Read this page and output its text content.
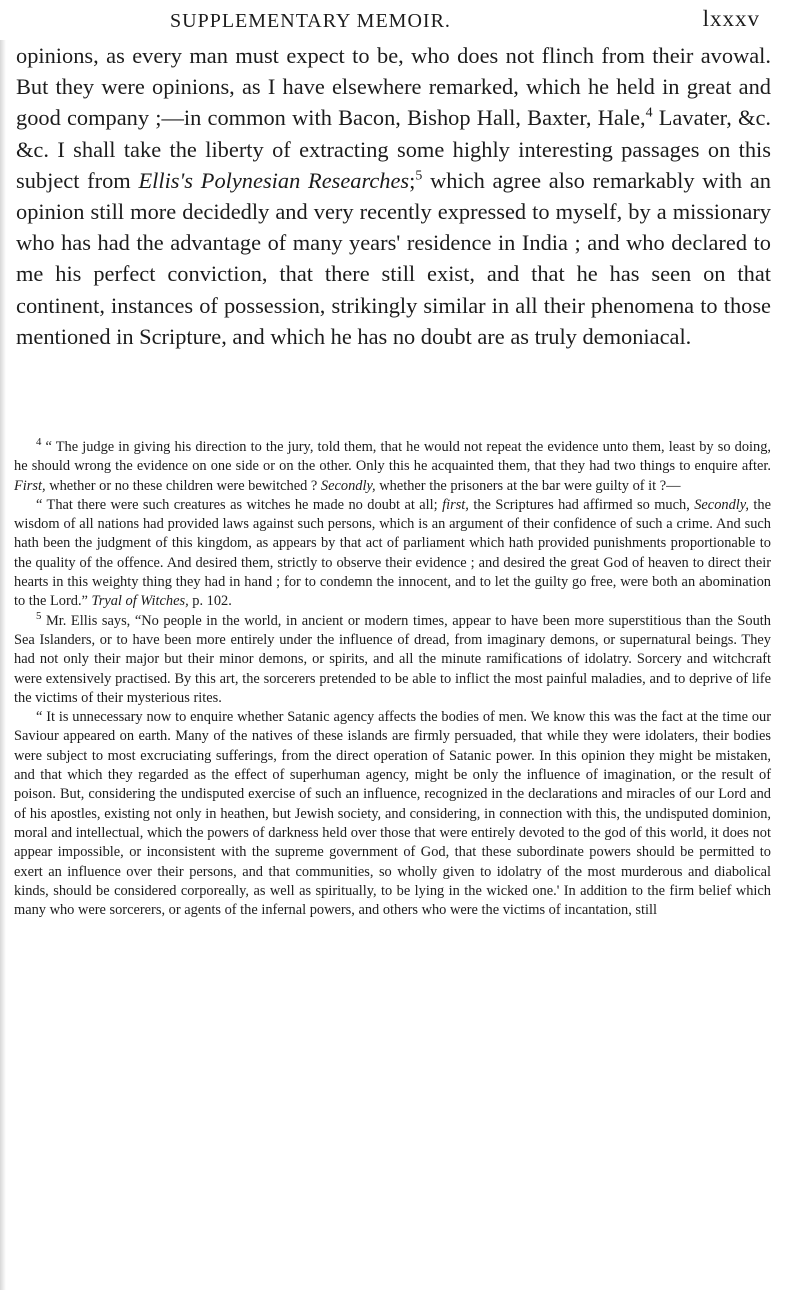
SUPPLEMENTARY MEMOIR.	lxxxv

opinions, as every man must expect to be, who does not flinch from their avowal. But they were opinions, as I have elsewhere remarked, which he held in great and good company ;—in common with Bacon, Bishop Hall, Baxter, Hale,$^4$ Lavater, &c. &c. I shall take the liberty of extracting some highly interesting passages on this subject from Ellis's Polynesian Researches;$^5$ which agree also remarkably with an opinion still more decidedly and very recently expressed to myself, by a missionary who has had the advantage of many years' residence in India ; and who declared to me his perfect conviction, that there still exist, and that he has seen on that continent, instances of possession, strikingly similar in all their phenomena to those mentioned in Scripture, and which he has no doubt are as truly demoniacal.

$^4$ “ The judge in giving his direction to the jury, told them, that he would not repeat the evidence unto them, least by so doing, he should wrong the evidence on one side or on the other. Only this he acquainted them, that they had two things to enquire after. First, whether or no these children were bewitched ? Secondly, whether the prisoners at the bar were guilty of it ?—

“ That there were such creatures as witches he made no doubt at all; first, the Scriptures had affirmed so much, Secondly, the wisdom of all nations had provided laws against such persons, which is an argument of their confidence of such a crime. And such hath been the judgment of this kingdom, as appears by that act of parliament which hath provided punishments proportionable to the quality of the offence. And desired them, strictly to observe their evidence ; and desired the great God of heaven to direct their hearts in this weighty thing they had in hand ; for to condemn the innocent, and to let the guilty go free, were both an abomination to the Lord.” Tryal of Witches, p. 102.

$^5$ Mr. Ellis says, “No people in the world, in ancient or modern times, appear to have been more superstitious than the South Sea Islanders, or to have been more entirely under the influence of dread, from imaginary demons, or supernatural beings. They had not only their major but their minor demons, or spirits, and all the minute ramifications of idolatry. Sorcery and witchcraft were extensively practised. By this art, the sorcerers pretended to be able to inflict the most painful maladies, and to deprive of life the victims of their mysterious rites.

“ It is unnecessary now to enquire whether Satanic agency affects the bodies of men. We know this was the fact at the time our Saviour appeared on earth. Many of the natives of these islands are firmly persuaded, that while they were idolaters, their bodies were subject to most excruciating sufferings, from the direct operation of Satanic power. In this opinion they might be mistaken, and that which they regarded as the effect of superhuman agency, might be only the influence of imagination, or the result of poison. But, considering the undisputed exercise of such an influence, recognized in the declarations and miracles of our Lord and of his apostles, existing not only in heathen, but Jewish society, and considering, in connection with this, the undisputed dominion, moral and intellectual, which the powers of darkness held over those that were entirely devoted to the god of this world, it does not appear impossible, or inconsistent with the supreme government of God, that these subordinate powers should be permitted to exert an influence over their persons, and that communities, so wholly given to idolatry of the most murderous and diabolical kinds, should be considered corporeally, as well as spiritually, to be lying in the wicked one.' In addition to the firm belief which many who were sorcerers, or agents of the infernal powers, and others who were the victims of incantation, still
